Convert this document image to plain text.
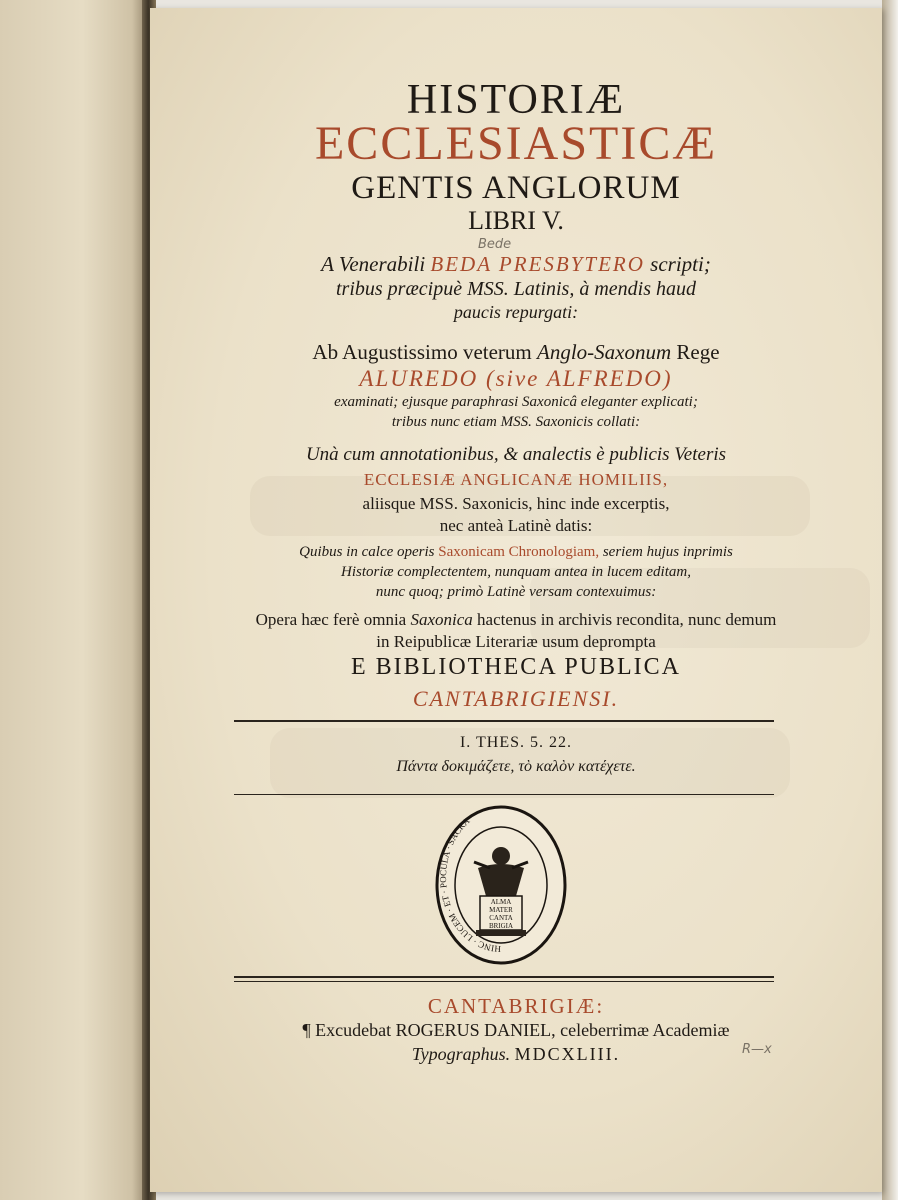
HISTORIÆ
ECCLESIASTICÆ
GENTIS ANGLORUM
LIBRI V.
Bede
A Venerabili BEDA PRESBYTERO scripti;
tribus præcipuè MSS. Latinis, à mendis haud
paucis repurgati:
Ab Augustissimo veterum Anglo-Saxonum Rege
ALUREDO (sive ALFREDO)
examinati; ejusque paraphrasi Saxonicâ eleganter explicati;
tribus nunc etiam MSS. Saxonicis collati:
Unà cum annotationibus, & analectis è publicis Veteris
ECCLESIÆ ANGLICANÆ HOMILIIS,
aliisque MSS. Saxonicis, hinc inde excerptis,
nec anteà Latinè datis:
Quibus in calce operis Saxonicam Chronologiam, seriem hujus inprimis
Historiæ complectentem, nunquam antea in lucem editam,
nunc quoq; primò Latinè versam contexuimus:
Opera hæc ferè omnia Saxonica hactenus in archivis recondita, nunc demum
in Reipublicæ Literariæ usum deprompta
E BIBLIOTHECA PUBLICA
CANTABRIGIENSI.
I. THES. 5. 22.
Πάντα δοκιμάζετε, τὸ καλὸν κατέχετε.
HINC · LUCEM · ET · POCULA · SACRA ·
ALMA MATER CANTA BRIGIA
CANTABRIGIÆ:
¶ Excudebat ROGERUS DANIEL, celeberrimæ Academiæ
Typographus. MDCXLIII.	R—x
